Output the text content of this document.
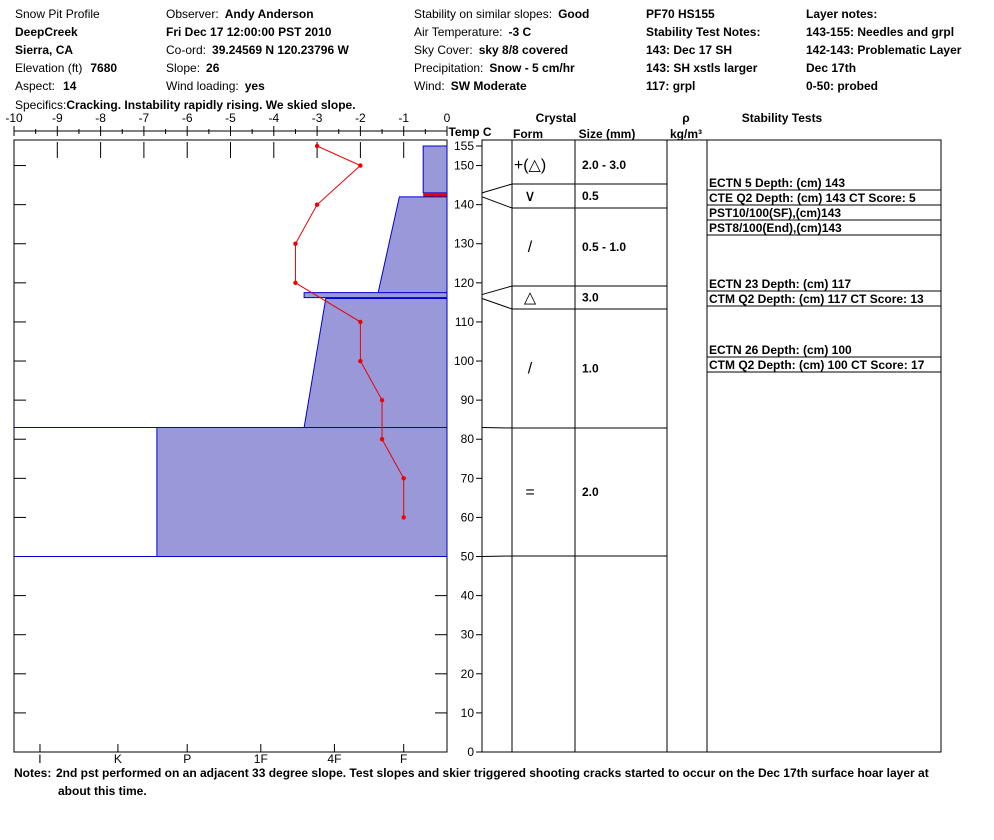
Snow Pit Profile
DeepCreek
Sierra, CA
Elevation (ft) 7680
Aspect: 14
Observer: Andy Anderson
Fri Dec 17 12:00:00 PST 2010
Co-ord: 39.24569 N 120.23796 W
Slope: 26
Wind loading: yes
Stability on similar slopes: Good
Air Temperature: -3 C
Sky Cover: sky 8/8 covered
Precipitation: Snow - 5 cm/hr
Wind: SW Moderate
PF70 HS155
Stability Test Notes:
143: Dec 17 SH
143: SH xstls larger
117: grpl
Layer notes:
143-155: Needles and grpl
142-143: Problematic Layer
Dec 17th
0-50: probed
Specifics:Cracking. Instability rapidly rising. We skied slope.
-10 -9	-8	-7	-6	-5	-4	-3	-2	-1	0
I	K	P	1F	4F	F	0
10
20
30
40
50
60
70
80
90
100
110
120
130
140
150
155
Temp C
Crystal
Form	Size (mm)
ρ
kg/m³
Stability Tests
+(△)	2.0 - 3.0
∨	0.5
/	0.5 - 1.0
△	3.0
/	1.0
=	2.0
ECTN 5 Depth: (cm) 143
CTE Q2 Depth: (cm) 143 CT Score: 5
PST10/100(SF),(cm)143
PST8/100(End),(cm)143
ECTN 23 Depth: (cm) 117
CTM Q2 Depth: (cm) 117 CT Score: 13
ECTN 26 Depth: (cm) 100
CTM Q2 Depth: (cm) 100 CT Score: 17
Notes: 2nd pst performed on an adjacent 33 degree slope. Test slopes and skier triggered shooting cracks started to occur on the Dec 17th surface hoar layer at
about this time.
